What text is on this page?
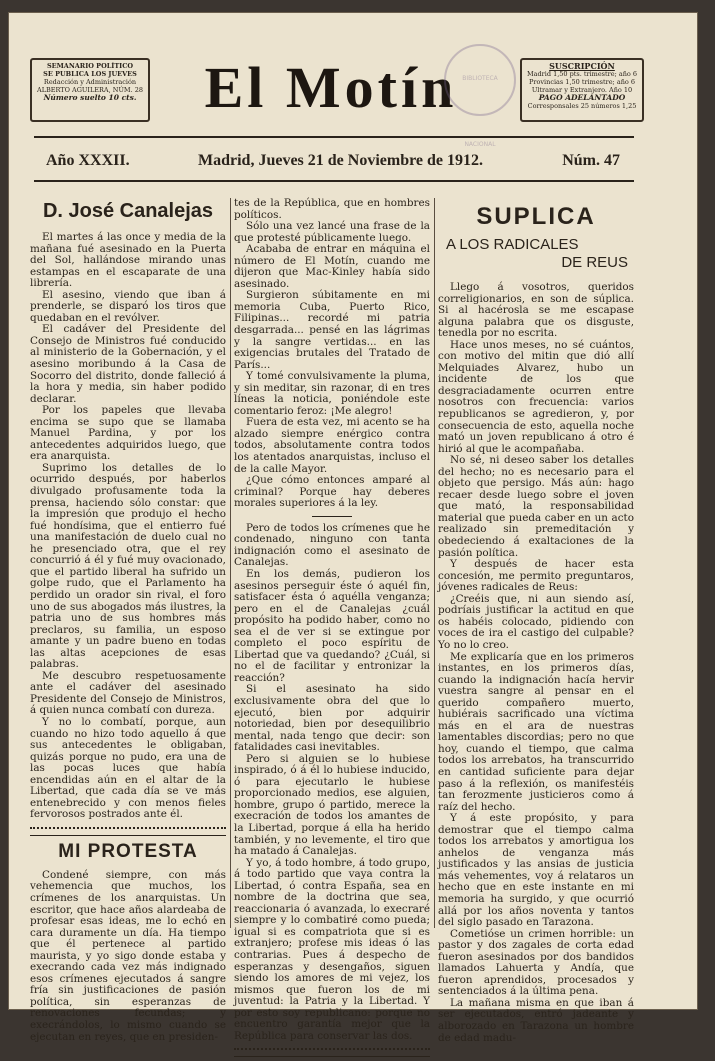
SEMANARIO POLÍTICO
SE PUBLICA LOS JUEVES
Redacción y Administración
ALBERTO AGUILERA, NÚM. 28
Número suelto 10 cts.	El Motín BIBLIOTECA NACIONAL
SUSCRIPCIÓN
Madrid 1,50 pts. trimestre; año 6
Provincias 1,50 trimestre; año 6
Ultramar y Extranjero. Año 10
PAGO ADELANTADO
Corresponsales 25 números 1,25
Año XXXII.	Madrid, Jueves 21 de Noviembre de 1912.	Núm. 47
D. José Canalejas

El martes á las once y media de la mañana fué asesinado en la Puerta del Sol, hallándose mirando unas estampas en el escaparate de una librería.

El asesino, viendo que iban á prenderle, se disparó los tiros que quedaban en el revólver.

El cadáver del Presidente del Consejo de Ministros fué conducido al ministerio de la Gobernación, y el asesino moribundo á la Casa de Socorro del distrito, donde falleció á la hora y media, sin haber podido declarar.

Por los papeles que llevaba encima se supo que se llamaba Manuel Pardina, y por los antecedentes adquiridos luego, que era anarquista.

Suprimo los detalles de lo ocurrido después, por haberlos divulgado profusamente toda la prensa, haciendo sólo constar: que la impresión que produjo el hecho fué hondísima, que el entierro fué una manifestación de duelo cual no he presenciado otra, que el rey concurrió á él y fué muy ovacionado, que el partido liberal ha sufrido un golpe rudo, que el Parlamento ha perdido un orador sin rival, el foro uno de sus abogados más ilustres, la patria uno de sus hombres más preclaros, su familia, un esposo amante y un padre bueno en todas las altas acepciones de esas palabras.

Me descubro respetuosamente ante el cadáver del asesinado Presidente del Consejo de Ministros, á quien nunca combatí con dureza.

Y no lo combatí, porque, aun cuando no hizo todo aquello á que sus antecedentes le obligaban, quizás porque no pudo, era una de las pocas luces que había encendidas aún en el altar de la Libertad, que cada día se ve más entenebrecido y con menos fieles fervorosos postrados ante él.

MI PROTESTA

Condené siempre, con más vehemencia que muchos, los crímenes de los anarquistas. Un escritor, que hace años alardeaba de profesar esas ideas, me lo echó en cara duramente un día. Ha tiempo que él pertenece al partido maurista, y yo sigo donde estaba y execrando cada vez más indignado esos crímenes ejecutados á sangre fría sin justificaciones de pasión política, sin esperanzas de renovaciones fecundas; y execrándolos, lo mismo cuando se ejecutan en reyes, que en presiden-

tes de la República, que en hombres políticos.

Sólo una vez lancé una frase de la que protesté públicamente luego.

Acababa de entrar en máquina el número de El Motín, cuando me dijeron que Mac-Kinley había sido asesinado.

Surgieron súbitamente en mi memoria Cuba, Puerto Rico, Filipinas... recordé mi patria desgarrada... pensé en las lágrimas y la sangre vertidas... en las exigencias brutales del Tratado de París...

Y tomé convulsivamente la pluma, y sin meditar, sin razonar, di en tres líneas la noticia, poniéndole este comentario feroz: ¡Me alegro!

Fuera de esta vez, mi acento se ha alzado siempre enérgico contra todos, absolutamente contra todos los atentados anarquistas, incluso el de la calle Mayor.

¿Que cómo entonces amparé al criminal? Porque hay deberes morales superiores á la ley.

Pero de todos los crímenes que he condenado, ninguno con tanta indignación como el asesinato de Canalejas.

En los demás, pudieron los asesinos perseguir éste ó aquél fin, satisfacer ésta ó aquélla venganza; pero en el de Canalejas ¿cuál propósito ha podido haber, como no sea el de ver si se extingue por completo el poco espíritu de Libertad que va quedando? ¿Cuál, si no el de facilitar y entronizar la reacción?

Si el asesinato ha sido exclusivamente obra del que lo ejecutó, bien por adquirir notoriedad, bien por desequilibrio mental, nada tengo que decir: son fatalidades casi inevitables.

Pero si alguien se lo hubiese inspirado, ó á él lo hubiese inducido, ó para ejecutarlo le hubiese proporcionado medios, ese alguien, hombre, grupo ó partido, merece la execración de todos los amantes de la Libertad, porque á ella ha herido también, y no levemente, el tiro que ha matado á Canalejas.

Y yo, á todo hombre, á todo grupo, á todo partido que vaya contra la Libertad, ó contra España, sea en nombre de la doctrina que sea, reaccionaria ó avanzada, lo execraré siempre y lo combatiré como pueda; igual si es compatriota que si es extranjero; profese mis ideas ó las contrarias. Pues á despecho de esperanzas y desengaños, siguen siendo los amores de mi vejez, los mismos que fueron los de mi juventud: la Patria y la Libertad. Y por esto soy republicano: porque no encuentro garantía mejor que la República para conservar las dos.

SUPLICA
A LOS RADICALES
DE REUS

Llego á vosotros, queridos correligionarios, en son de súplica. Si al hacérosla se me escapase alguna palabra que os disguste, tenedla por no escrita.

Hace unos meses, no sé cuántos, con motivo del mitin que dió allí Melquiades Alvarez, hubo un incidente de los que desgraciadamente ocurren entre nosotros con frecuencia: varios republicanos se agredieron, y, por consecuencia de esto, aquella noche mató un joven republicano á otro é hirió al que le acompañaba.

No sé, ni deseo saber los detalles del hecho; no es necesario para el objeto que persigo. Más aún: hago recaer desde luego sobre el joven que mató, la responsabilidad material que pueda caber en un acto realizado sin premeditación y obedeciendo á exaltaciones de la pasión política.

Y después de hacer esta concesión, me permito preguntaros, jóvenes radicales de Reus:

¿Creéis que, ni aun siendo así, podríais justificar la actitud en que os habéis colocado, pidiendo con voces de ira el castigo del culpable? Yo no lo creo.

Me explicaría que en los primeros instantes, en los primeros días, cuando la indignación hacía hervir vuestra sangre al pensar en el querido compañero muerto, hubiérais sacrificado una víctima más en el ara de nuestras lamentables discordias; pero no que hoy, cuando el tiempo, que calma todos los arrebatos, ha transcurrido en cantidad suficiente para dejar paso á la reflexión, os manifestéis tan ferozmente justicieros como á raíz del hecho.

Y á este propósito, y para demostrar que el tiempo calma todos los arrebatos y amortigua los anhelos de venganza más justificados y las ansias de justicia más vehementes, voy á relataros un hecho que en este instante en mi memoria ha surgido, y que ocurrió allá por los años noventa y tantos del siglo pasado en Tarazona.

Cometióse un crimen horrible: un pastor y dos zagales de corta edad fueron asesinados por dos bandidos llamados Lahuerta y Andía, que fueron aprendidos, procesados y sentenciados á la última pena.

La mañana misma en que iban á ser ejecutados, entró jadeante y alborozado en Tarazona un hombre de edad madu-
